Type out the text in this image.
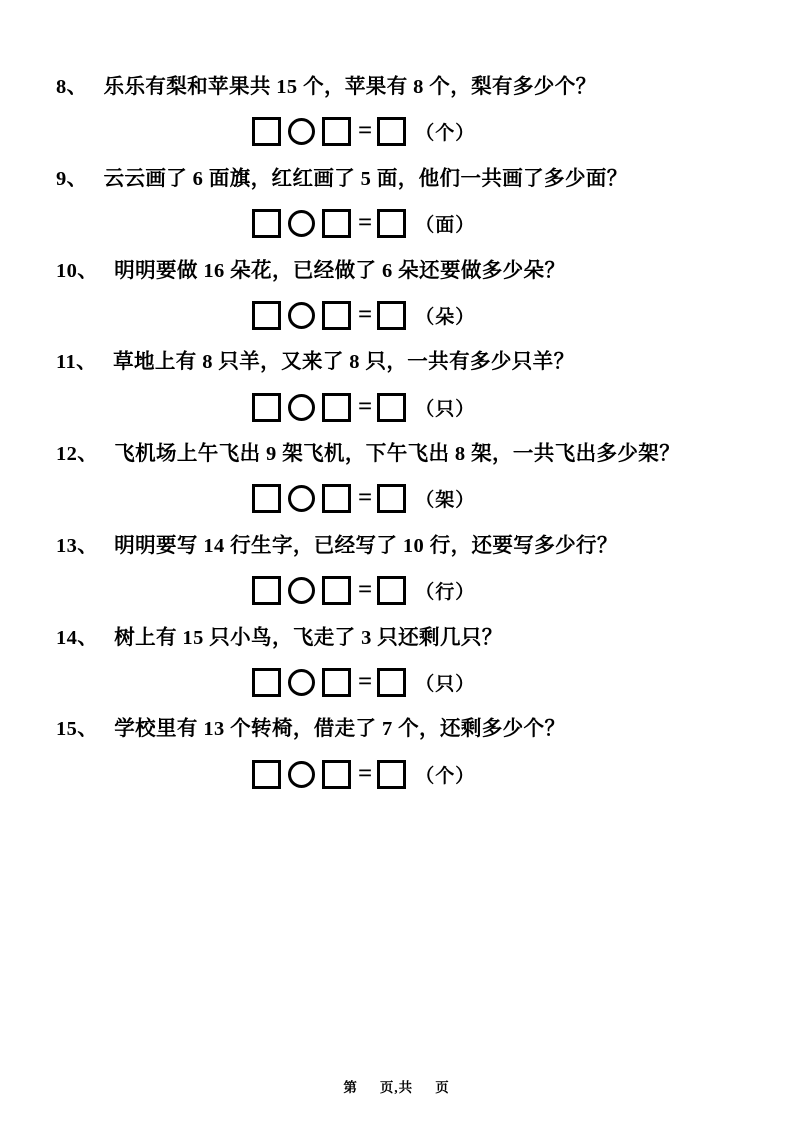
8、 乐乐有梨和苹果共 15 个，苹果有 8 个，梨有多少个？
= （个）
9、 云云画了 6 面旗，红红画了 5 面，他们一共画了多少面？
= （面）
10、 明明要做 16 朵花，已经做了 6 朵还要做多少朵？
= （朵）
11、 草地上有 8 只羊，又来了 8 只，一共有多少只羊？
= （只）
12、 飞机场上午飞出 9 架飞机，下午飞出 8 架，一共飞出多少架？
= （架）
13、 明明要写 14 行生字，已经写了 10 行，还要写多少行？
= （行）
14、 树上有 15 只小鸟，飞走了 3 只还剩几只？
= （只）
15、 学校里有 13 个转椅，借走了 7 个，还剩多少个？
= （个）
第 页,共 页
